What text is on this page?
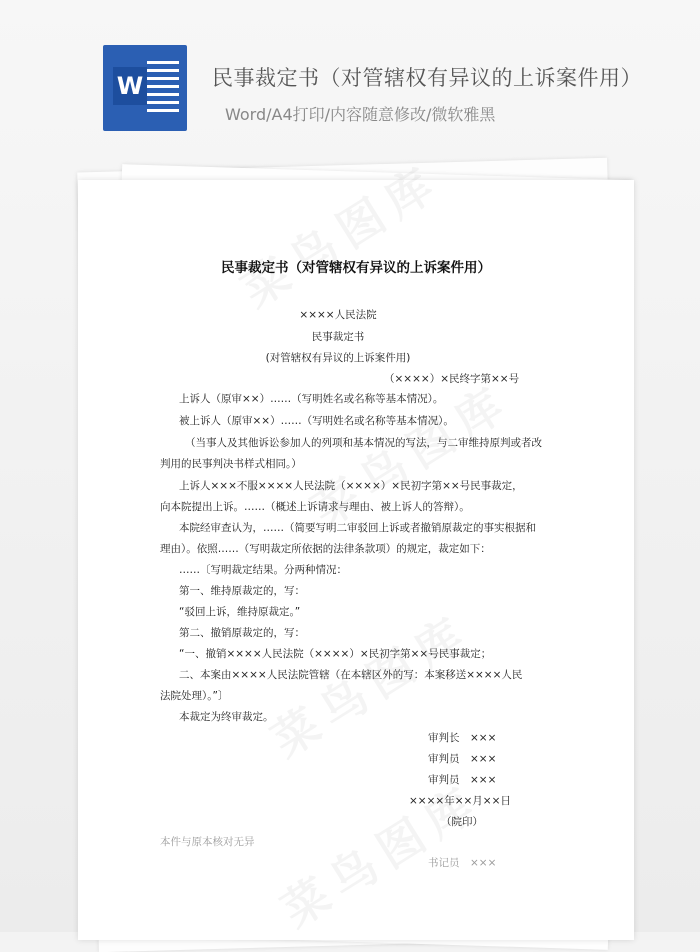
W	民事裁定书（对管辖权有异议的上诉案件用）
Word/A4打印/内容随意修改/微软雅黑
民事裁定书（对管辖权有异议的上诉案件用）
××××人民法院
民事裁定书
(对管辖权有异议的上诉案件用)
（××××）×民终字第××号
上诉人（原审××）……（写明姓名或名称等基本情况）。
被上诉人（原审××）……（写明姓名或名称等基本情况）。
（当事人及其他诉讼参加人的列项和基本情况的写法，与二审维持原判或者改
判用的民事判决书样式相同。）
上诉人×××不服××××人民法院（××××）×民初字第××号民事裁定，
向本院提出上诉。……（概述上诉请求与理由、被上诉人的答辩）。
本院经审查认为，……（简要写明二审驳回上诉或者撤销原裁定的事实根据和
理由）。依照……（写明裁定所依据的法律条款项）的规定，裁定如下：
……〔写明裁定结果。分两种情况：
第一、维持原裁定的，写：
“驳回上诉，维持原裁定。”
第二、撤销原裁定的，写：
“一、撤销××××人民法院（××××）×民初字第××号民事裁定；
二、本案由××××人民法院管辖（在本辖区外的写：本案移送××××人民
法院处理）。”〕
本裁定为终审裁定。
审判长　×××
审判员　×××
审判员　×××
××××年××月××日
（院印）
本件与原本核对无异
书记员　×××
